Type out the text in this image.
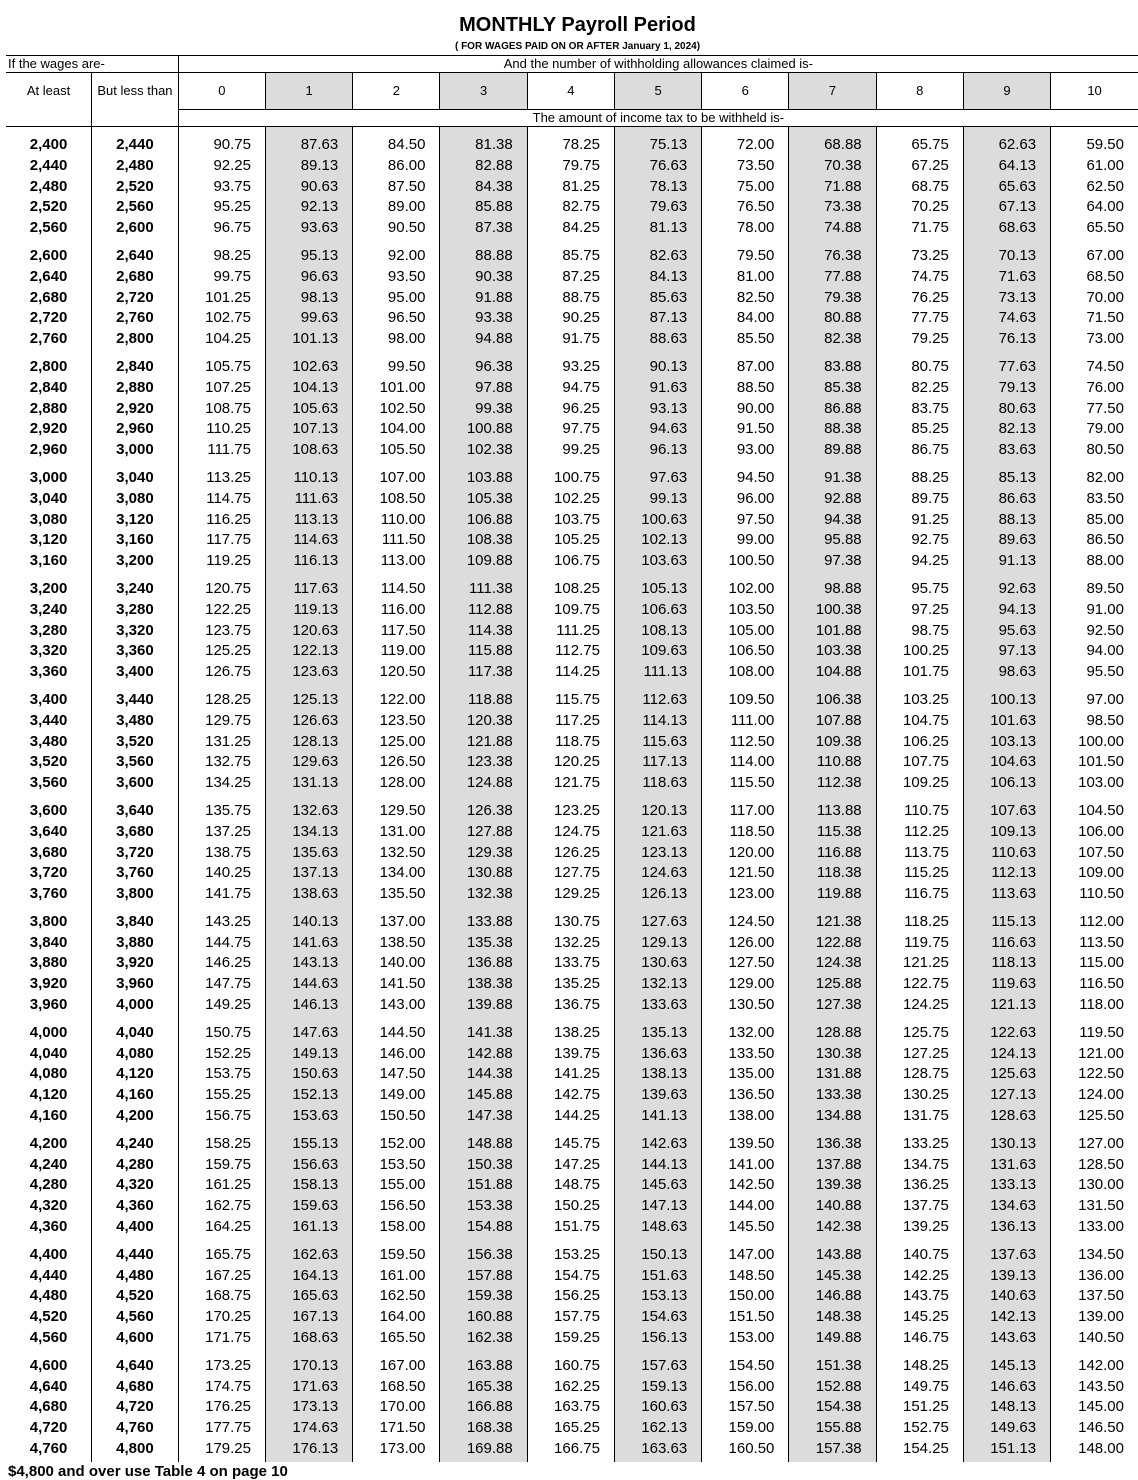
MONTHLY Payroll Period
( FOR WAGES PAID ON OR AFTER January 1, 2024)
If the wages are-		And the number of withholding allowances claimed is-										
At least	But less than	0	1	2	3	4	5	6	7	8	9	10
		The amount of income tax to be withheld is-										
2,400	2,440	90.75	87.63	84.50	81.38	78.25	75.13	72.00	68.88	65.75	62.63	59.50
2,440	2,480	92.25	89.13	86.00	82.88	79.75	76.63	73.50	70.38	67.25	64.13	61.00
2,480	2,520	93.75	90.63	87.50	84.38	81.25	78.13	75.00	71.88	68.75	65.63	62.50
2,520	2,560	95.25	92.13	89.00	85.88	82.75	79.63	76.50	73.38	70.25	67.13	64.00
2,560	2,600	96.75	93.63	90.50	87.38	84.25	81.13	78.00	74.88	71.75	68.63	65.50
2,600	2,640	98.25	95.13	92.00	88.88	85.75	82.63	79.50	76.38	73.25	70.13	67.00
2,640	2,680	99.75	96.63	93.50	90.38	87.25	84.13	81.00	77.88	74.75	71.63	68.50
2,680	2,720	101.25	98.13	95.00	91.88	88.75	85.63	82.50	79.38	76.25	73.13	70.00
2,720	2,760	102.75	99.63	96.50	93.38	90.25	87.13	84.00	80.88	77.75	74.63	71.50
2,760	2,800	104.25	101.13	98.00	94.88	91.75	88.63	85.50	82.38	79.25	76.13	73.00
2,800	2,840	105.75	102.63	99.50	96.38	93.25	90.13	87.00	83.88	80.75	77.63	74.50
2,840	2,880	107.25	104.13	101.00	97.88	94.75	91.63	88.50	85.38	82.25	79.13	76.00
2,880	2,920	108.75	105.63	102.50	99.38	96.25	93.13	90.00	86.88	83.75	80.63	77.50
2,920	2,960	110.25	107.13	104.00	100.88	97.75	94.63	91.50	88.38	85.25	82.13	79.00
2,960	3,000	111.75	108.63	105.50	102.38	99.25	96.13	93.00	89.88	86.75	83.63	80.50
3,000	3,040	113.25	110.13	107.00	103.88	100.75	97.63	94.50	91.38	88.25	85.13	82.00
3,040	3,080	114.75	111.63	108.50	105.38	102.25	99.13	96.00	92.88	89.75	86.63	83.50
3,080	3,120	116.25	113.13	110.00	106.88	103.75	100.63	97.50	94.38	91.25	88.13	85.00
3,120	3,160	117.75	114.63	111.50	108.38	105.25	102.13	99.00	95.88	92.75	89.63	86.50
3,160	3,200	119.25	116.13	113.00	109.88	106.75	103.63	100.50	97.38	94.25	91.13	88.00
3,200	3,240	120.75	117.63	114.50	111.38	108.25	105.13	102.00	98.88	95.75	92.63	89.50
3,240	3,280	122.25	119.13	116.00	112.88	109.75	106.63	103.50	100.38	97.25	94.13	91.00
3,280	3,320	123.75	120.63	117.50	114.38	111.25	108.13	105.00	101.88	98.75	95.63	92.50
3,320	3,360	125.25	122.13	119.00	115.88	112.75	109.63	106.50	103.38	100.25	97.13	94.00
3,360	3,400	126.75	123.63	120.50	117.38	114.25	111.13	108.00	104.88	101.75	98.63	95.50
3,400	3,440	128.25	125.13	122.00	118.88	115.75	112.63	109.50	106.38	103.25	100.13	97.00
3,440	3,480	129.75	126.63	123.50	120.38	117.25	114.13	111.00	107.88	104.75	101.63	98.50
3,480	3,520	131.25	128.13	125.00	121.88	118.75	115.63	112.50	109.38	106.25	103.13	100.00
3,520	3,560	132.75	129.63	126.50	123.38	120.25	117.13	114.00	110.88	107.75	104.63	101.50
3,560	3,600	134.25	131.13	128.00	124.88	121.75	118.63	115.50	112.38	109.25	106.13	103.00
3,600	3,640	135.75	132.63	129.50	126.38	123.25	120.13	117.00	113.88	110.75	107.63	104.50
3,640	3,680	137.25	134.13	131.00	127.88	124.75	121.63	118.50	115.38	112.25	109.13	106.00
3,680	3,720	138.75	135.63	132.50	129.38	126.25	123.13	120.00	116.88	113.75	110.63	107.50
3,720	3,760	140.25	137.13	134.00	130.88	127.75	124.63	121.50	118.38	115.25	112.13	109.00
3,760	3,800	141.75	138.63	135.50	132.38	129.25	126.13	123.00	119.88	116.75	113.63	110.50
3,800	3,840	143.25	140.13	137.00	133.88	130.75	127.63	124.50	121.38	118.25	115.13	112.00
3,840	3,880	144.75	141.63	138.50	135.38	132.25	129.13	126.00	122.88	119.75	116.63	113.50
3,880	3,920	146.25	143.13	140.00	136.88	133.75	130.63	127.50	124.38	121.25	118.13	115.00
3,920	3,960	147.75	144.63	141.50	138.38	135.25	132.13	129.00	125.88	122.75	119.63	116.50
3,960	4,000	149.25	146.13	143.00	139.88	136.75	133.63	130.50	127.38	124.25	121.13	118.00
4,000	4,040	150.75	147.63	144.50	141.38	138.25	135.13	132.00	128.88	125.75	122.63	119.50
4,040	4,080	152.25	149.13	146.00	142.88	139.75	136.63	133.50	130.38	127.25	124.13	121.00
4,080	4,120	153.75	150.63	147.50	144.38	141.25	138.13	135.00	131.88	128.75	125.63	122.50
4,120	4,160	155.25	152.13	149.00	145.88	142.75	139.63	136.50	133.38	130.25	127.13	124.00
4,160	4,200	156.75	153.63	150.50	147.38	144.25	141.13	138.00	134.88	131.75	128.63	125.50
4,200	4,240	158.25	155.13	152.00	148.88	145.75	142.63	139.50	136.38	133.25	130.13	127.00
4,240	4,280	159.75	156.63	153.50	150.38	147.25	144.13	141.00	137.88	134.75	131.63	128.50
4,280	4,320	161.25	158.13	155.00	151.88	148.75	145.63	142.50	139.38	136.25	133.13	130.00
4,320	4,360	162.75	159.63	156.50	153.38	150.25	147.13	144.00	140.88	137.75	134.63	131.50
4,360	4,400	164.25	161.13	158.00	154.88	151.75	148.63	145.50	142.38	139.25	136.13	133.00
4,400	4,440	165.75	162.63	159.50	156.38	153.25	150.13	147.00	143.88	140.75	137.63	134.50
4,440	4,480	167.25	164.13	161.00	157.88	154.75	151.63	148.50	145.38	142.25	139.13	136.00
4,480	4,520	168.75	165.63	162.50	159.38	156.25	153.13	150.00	146.88	143.75	140.63	137.50
4,520	4,560	170.25	167.13	164.00	160.88	157.75	154.63	151.50	148.38	145.25	142.13	139.00
4,560	4,600	171.75	168.63	165.50	162.38	159.25	156.13	153.00	149.88	146.75	143.63	140.50
4,600	4,640	173.25	170.13	167.00	163.88	160.75	157.63	154.50	151.38	148.25	145.13	142.00
4,640	4,680	174.75	171.63	168.50	165.38	162.25	159.13	156.00	152.88	149.75	146.63	143.50
4,680	4,720	176.25	173.13	170.00	166.88	163.75	160.63	157.50	154.38	151.25	148.13	145.00
4,720	4,760	177.75	174.63	171.50	168.38	165.25	162.13	159.00	155.88	152.75	149.63	146.50
4,760	4,800	179.25	176.13	173.00	169.88	166.75	163.63	160.50	157.38	154.25	151.13	148.00
$4,800 and over use Table 4 on page 10
